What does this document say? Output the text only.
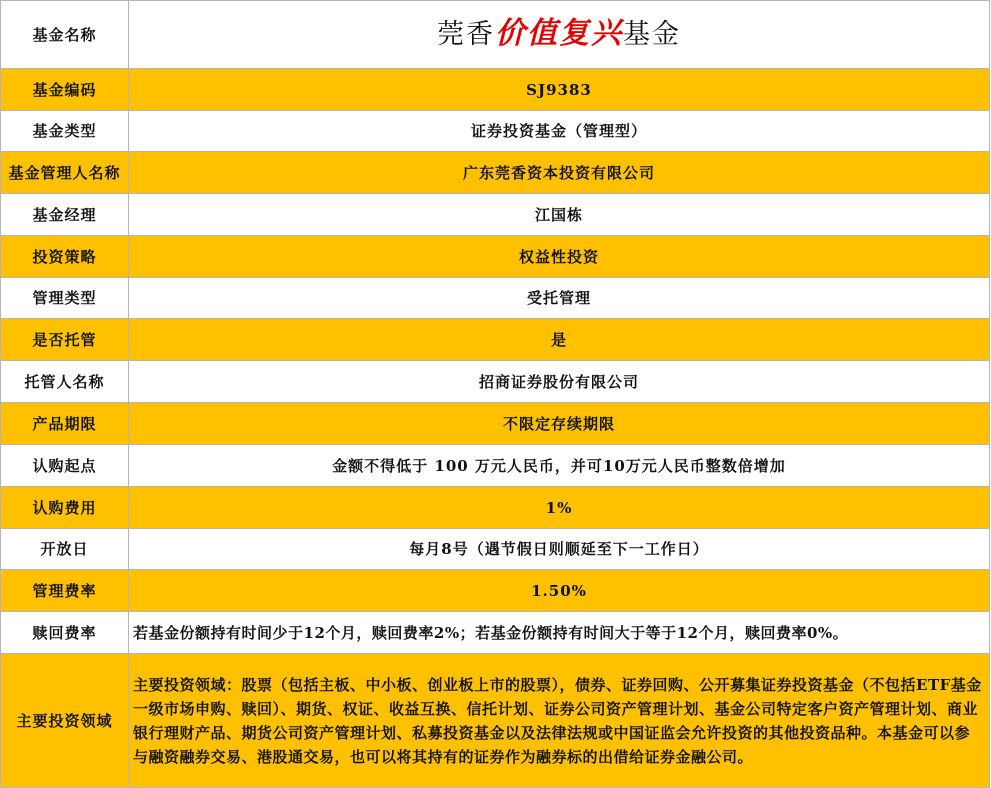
基金名称	莞香价值复兴基金
基金编码	SJ9383
基金类型	证券投资基金（管理型）
基金管理人名称	广东莞香资本投资有限公司
基金经理	江国栋
投资策略	权益性投资
管理类型	受托管理
是否托管	是
托管人名称	招商证券股份有限公司
产品期限	不限定存续期限
认购起点	金额不得低于 100 万元人民币，并可10万元人民币整数倍增加
认购费用	1%
开放日	每月8号（遇节假日则顺延至下一工作日）
管理费率	1.50%
赎回费率	若基金份额持有时间少于12个月，赎回费率2%；若基金份额持有时间大于等于12个月，赎回费率0%。
主要投资领域	主要投资领域：股票（包括主板、中小板、创业板上市的股票），债券、证券回购、公开募集证券投资基金（不包括ETF基金一级市场申购、赎回）、期货、权证、收益互换、信托计划、证券公司资产管理计划、基金公司特定客户资产管理计划、商业银行理财产品、期货公司资产管理计划、私募投资基金以及法律法规或中国证监会允许投资的其他投资品种。本基金可以参与融资融券交易、港股通交易，也可以将其持有的证券作为融券标的出借给证券金融公司。
